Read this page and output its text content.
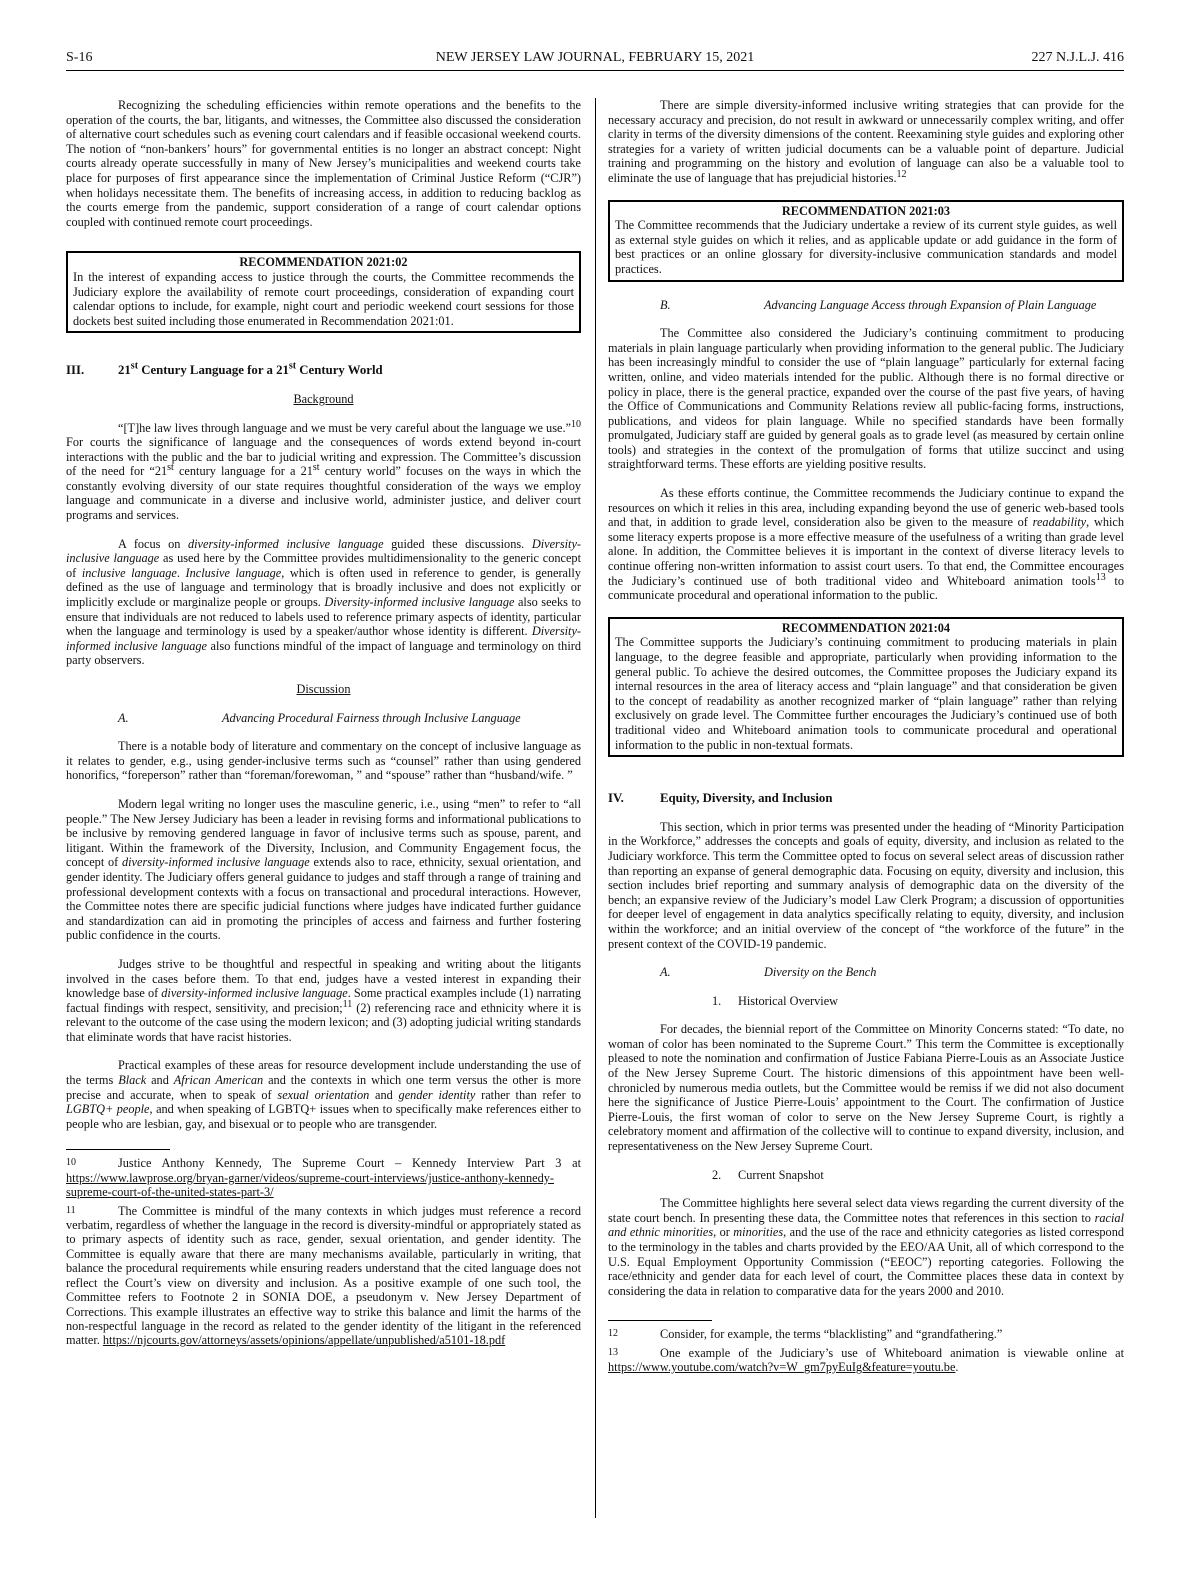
S-16	NEW JERSEY LAW JOURNAL, FEBRUARY 15, 2021	227 N.J.L.J. 416

Recognizing the scheduling efficiencies within remote operations and the benefits to the operation of the courts, the bar, litigants, and witnesses, the Committee also discussed the consideration of alternative court schedules such as evening court calendars and if feasible occasional weekend courts. The notion of “non-bankers’ hours” for governmental entities is no longer an abstract concept: Night courts already operate successfully in many of New Jersey’s municipalities and weekend courts take place for purposes of first appearance since the implementation of Criminal Justice Reform (“CJR”) when holidays necessitate them. The benefits of increasing access, in addition to reducing backlog as the courts emerge from the pandemic, support consideration of a range of court calendar options coupled with continued remote court proceedings.

RECOMMENDATION 2021:02

In the interest of expanding access to justice through the courts, the Committee recommends the Judiciary explore the availability of remote court proceedings, consideration of expanding court calendar options to include, for example, night court and periodic weekend court sessions for those dockets best suited including those enumerated in Recommendation 2021:01.

III.	21st Century Language for a 21st Century World

Background

“[T]he law lives through language and we must be very careful about the language we use.”$^{10}$ For courts the significance of language and the consequences of words extend beyond in-court interactions with the public and the bar to judicial writing and expression. The Committee’s discussion of the need for “21st century language for a 21st century world” focuses on the ways in which the constantly evolving diversity of our state requires thoughtful consideration of the ways we employ language and communicate in a diverse and inclusive world, administer justice, and deliver court programs and services.

A focus on diversity-informed inclusive language guided these discussions. Diversity-inclusive language as used here by the Committee provides multidimensionality to the generic concept of inclusive language. Inclusive language, which is often used in reference to gender, is generally defined as the use of language and terminology that is broadly inclusive and does not explicitly or implicitly exclude or marginalize people or groups. Diversity-informed inclusive language also seeks to ensure that individuals are not reduced to labels used to reference primary aspects of identity, particular when the language and terminology is used by a speaker/author whose identity is different. Diversity-informed inclusive language also functions mindful of the impact of language and terminology on third party observers.

Discussion

A.	Advancing Procedural Fairness through Inclusive Language

There is a notable body of literature and commentary on the concept of inclusive language as it relates to gender, e.g., using gender-inclusive terms such as “counsel” rather than using gendered honorifics, “foreperson” rather than “foreman/forewoman, ” and “spouse” rather than “husband/wife. ”

Modern legal writing no longer uses the masculine generic, i.e., using “men” to refer to “all people.” The New Jersey Judiciary has been a leader in revising forms and informational publications to be inclusive by removing gendered language in favor of inclusive terms such as spouse, parent, and litigant. Within the framework of the Diversity, Inclusion, and Community Engagement focus, the concept of diversity-informed inclusive language extends also to race, ethnicity, sexual orientation, and gender identity. The Judiciary offers general guidance to judges and staff through a range of training and professional development contexts with a focus on transactional and procedural interactions. However, the Committee notes there are specific judicial functions where judges have indicated further guidance and standardization can aid in promoting the principles of access and fairness and further fostering public confidence in the courts.

Judges strive to be thoughtful and respectful in speaking and writing about the litigants involved in the cases before them. To that end, judges have a vested interest in expanding their knowledge base of diversity-informed inclusive language. Some practical examples include (1) narrating factual findings with respect, sensitivity, and precision;$^{11}$ (2) referencing race and ethnicity where it is relevant to the outcome of the case using the modern lexicon; and (3) adopting judicial writing standards that eliminate words that have racist histories.

Practical examples of these areas for resource development include understanding the use of the terms Black and African American and the contexts in which one term versus the other is more precise and accurate, when to speak of sexual orientation and gender identity rather than refer to LGBTQ+ people, and when speaking of LGBTQ+ issues when to specifically make references either to people who are lesbian, gay, and bisexual or to people who are transgender.

10	Justice Anthony Kennedy, The Supreme Court – Kennedy Interview Part 3 at https://www.lawprose.org/bryan-garner/videos/supreme-court-interviews/justice-anthony-kennedy-supreme-court-of-the-united-states-part-3/

11	The Committee is mindful of the many contexts in which judges must reference a record verbatim, regardless of whether the language in the record is diversity-mindful or appropriately stated as to primary aspects of identity such as race, gender, sexual orientation, and gender identity. The Committee is equally aware that there are many mechanisms available, particularly in writing, that balance the procedural requirements while ensuring readers understand that the cited language does not reflect the Court’s view on diversity and inclusion. As a positive example of one such tool, the Committee refers to Footnote 2 in SONIA DOE, a pseudonym v. New Jersey Department of Corrections. This example illustrates an effective way to strike this balance and limit the harms of the non-respectful language in the record as related to the gender identity of the litigant in the referenced matter. https://njcourts.gov/attorneys/assets/opinions/appellate/unpublished/a5101-18.pdf

There are simple diversity-informed inclusive writing strategies that can provide for the necessary accuracy and precision, do not result in awkward or unnecessarily complex writing, and offer clarity in terms of the diversity dimensions of the content. Reexamining style guides and exploring other strategies for a variety of written judicial documents can be a valuable point of departure. Judicial training and programming on the history and evolution of language can also be a valuable tool to eliminate the use of language that has prejudicial histories.$^{12}$

RECOMMENDATION 2021:03

The Committee recommends that the Judiciary undertake a review of its current style guides, as well as external style guides on which it relies, and as applicable update or add guidance in the form of best practices or an online glossary for diversity-inclusive communication standards and model practices.

B.	Advancing Language Access through Expansion of Plain Language

The Committee also considered the Judiciary’s continuing commitment to producing materials in plain language particularly when providing information to the general public. The Judiciary has been increasingly mindful to consider the use of “plain language” particularly for external facing written, online, and video materials intended for the public. Although there is no formal directive or policy in place, there is the general practice, expanded over the course of the past five years, of having the Office of Communications and Community Relations review all public-facing forms, instructions, publications, and videos for plain language. While no specified standards have been formally promulgated, Judiciary staff are guided by general goals as to grade level (as measured by certain online tools) and strategies in the context of the promulgation of forms that utilize succinct and using straightforward terms. These efforts are yielding positive results.

As these efforts continue, the Committee recommends the Judiciary continue to expand the resources on which it relies in this area, including expanding beyond the use of generic web-based tools and that, in addition to grade level, consideration also be given to the measure of readability, which some literacy experts propose is a more effective measure of the usefulness of a writing than grade level alone. In addition, the Committee believes it is important in the context of diverse literacy levels to continue offering non-written information to assist court users. To that end, the Committee encourages the Judiciary’s continued use of both traditional video and Whiteboard animation tools$^{13}$ to communicate procedural and operational information to the public.

RECOMMENDATION 2021:04

The Committee supports the Judiciary’s continuing commitment to producing materials in plain language, to the degree feasible and appropriate, particularly when providing information to the general public. To achieve the desired outcomes, the Committee proposes the Judiciary expand its internal resources in the area of literacy access and “plain language” and that consideration be given to the concept of readability as another recognized marker of “plain language” rather than relying exclusively on grade level. The Committee further encourages the Judiciary’s continued use of both traditional video and Whiteboard animation tools to communicate procedural and operational information to the public in non-textual formats.

IV.	Equity, Diversity, and Inclusion

This section, which in prior terms was presented under the heading of “Minority Participation in the Workforce,” addresses the concepts and goals of equity, diversity, and inclusion as related to the Judiciary workforce. This term the Committee opted to focus on several select areas of discussion rather than reporting an expanse of general demographic data. Focusing on equity, diversity and inclusion, this section includes brief reporting and summary analysis of demographic data on the diversity of the bench; an expansive review of the Judiciary’s model Law Clerk Program; a discussion of opportunities for deeper level of engagement in data analytics specifically relating to equity, diversity, and inclusion within the workforce; and an initial overview of the concept of “the workforce of the future” in the present context of the COVID-19 pandemic.

A.	Diversity on the Bench

1. Historical Overview

For decades, the biennial report of the Committee on Minority Concerns stated: “To date, no woman of color has been nominated to the Supreme Court.” This term the Committee is exceptionally pleased to note the nomination and confirmation of Justice Fabiana Pierre-Louis as an Associate Justice of the New Jersey Supreme Court. The historic dimensions of this appointment have been well-chronicled by numerous media outlets, but the Committee would be remiss if we did not also document here the significance of Justice Pierre-Louis’ appointment to the Court. The confirmation of Justice Pierre-Louis, the first woman of color to serve on the New Jersey Supreme Court, is rightly a celebratory moment and affirmation of the collective will to continue to expand diversity, inclusion, and representativeness on the New Jersey Supreme Court.

2. Current Snapshot

The Committee highlights here several select data views regarding the current diversity of the state court bench. In presenting these data, the Committee notes that references in this section to racial and ethnic minorities, or minorities, and the use of the race and ethnicity categories as listed correspond to the terminology in the tables and charts provided by the EEO/AA Unit, all of which correspond to the U.S. Equal Employment Opportunity Commission (“EEOC”) reporting categories. Following the race/ethnicity and gender data for each level of court, the Committee places these data in context by considering the data in relation to comparative data for the years 2000 and 2010.

12	Consider, for example, the terms “blacklisting” and “grandfathering.”

13	One example of the Judiciary’s use of Whiteboard animation is viewable online at https://www.youtube.com/watch?v=W_gm7pyEuIg&feature=youtu.be.
